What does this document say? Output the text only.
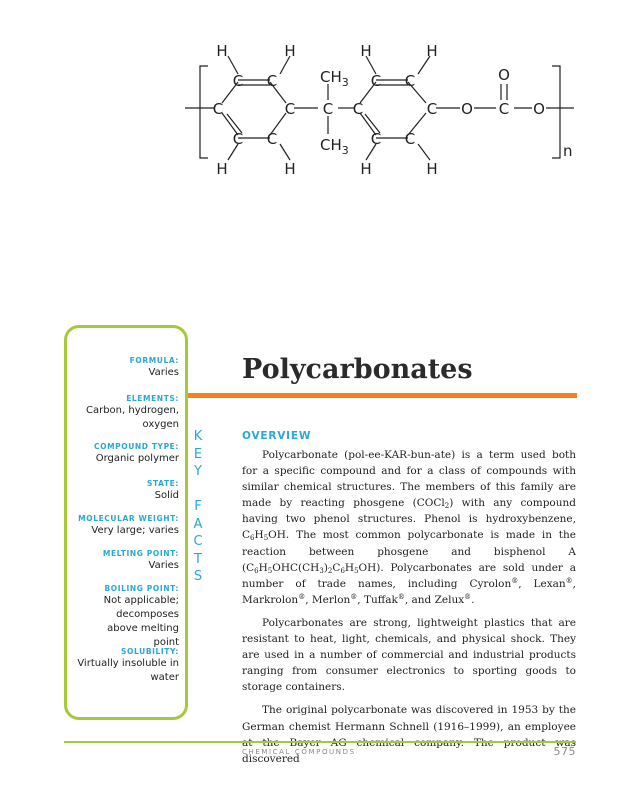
H	H	H	H
C C	C C
C	C C C	C O C O
O
C C	C C
H	H	H	H
$CH_3$
$CH_3$	n
FORMULA:
Varies
ELEMENTS:
Carbon, hydrogen, oxygen
COMPOUND TYPE:
Organic polymer
STATE:
Solid
MOLECULAR WEIGHT:
Very large; varies
MELTING POINT:
Varies
BOILING POINT:
Not applicable; decomposes above melting point
SOLUBILITY:
Virtually insoluble in water
K
E
Y
F
A
C
T
S
Polycarbonates
OVERVIEW

Polycarbonate (pol-ee-KAR-bun-ate) is a term used both for a specific compound and for a class of compounds with similar chemical structures. The members of this family are made by reacting phosgene (COCl$_2$) with any compound having two phenol structures. Phenol is hydroxybenzene, $C_6H_5OH$. The most common polycarbonate is made in the reaction between phosgene and bisphenol A $(C_6H_5OHC(CH_3)_2C_6H_5OH)$. Polycarbonates are sold under a number of trade names, including Cyrolon®, Lexan®, Markrolon®, Merlon®, Tuffak®, and Zelux®.

Polycarbonates are strong, lightweight plastics that are resistant to heat, light, chemicals, and physical shock. They are used in a number of commercial and industrial products ranging from consumer electronics to sporting goods to storage containers.

The original polycarbonate was discovered in 1953 by the German chemist Hermann Schnell (1916–1999), an employee discovered

CHEMICAL COMPOUNDS	575
